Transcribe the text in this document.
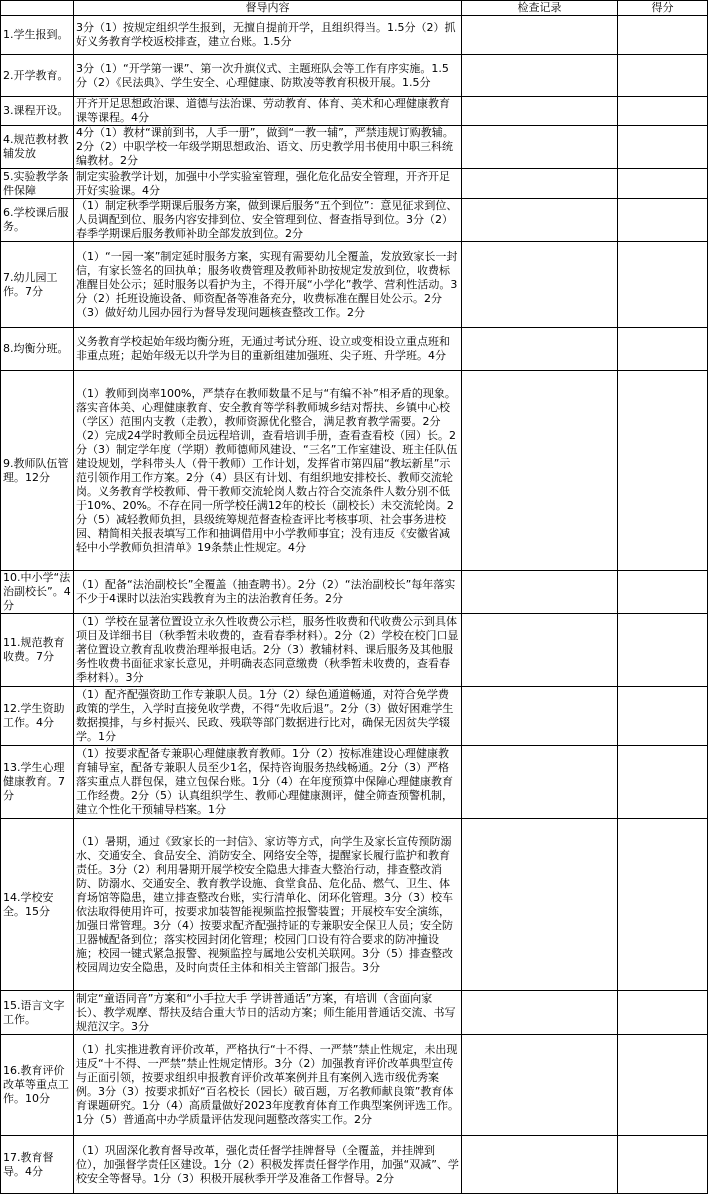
	督导内容	检查记录	得分
1.学生报到。	3分（1）按规定组织学生报到，无擅自提前开学，且组织得当。1.5分（2）抓好义务教育学校返校排查，建立台账。1.5分		
2.开学教育。	3分（1）“开学第一课”、第一次升旗仪式、主题班队会等工作有序实施。1.5分（2）《民法典》、学生安全、心理健康、防欺凌等教育积极开展。1.5分		
3.课程开设。	开齐开足思想政治课、道德与法治课、劳动教育、体育、美术和心理健康教育课等课程。4分		
4.规范教材教辅发放	4分（1）教材“课前到书，人手一册”，做到“一教一辅”，严禁违规订购教辅。2分（2）中职学校一年级学期思想政治、语文、历史教学用书使用中职三科统编教材。2分		
5.实验教学条件保障	制定实验教学计划，加强中小学实验室管理，强化危化品安全管理，开齐开足开好实验课。4分		
6.学校课后服务。	（1）制定秋季学期课后服务方案，做到课后服务“五个到位”：意见征求到位、人员调配到位、服务内容安排到位、安全管理到位、督查指导到位。3分（2）春季学期课后服务教师补助全部发放到位。2分		
7.幼儿园工作。7分	（1）“一园一案”制定延时服务方案，实现有需要幼儿全覆盖，发放致家长一封信，有家长签名的回执单；服务收费管理及教师补助按规定发放到位，收费标准醒目处公示；延时服务以看护为主，不得开展“小学化”教学、营利性活动。3分（2）托班设施设备、师资配备等准备充分，收费标准在醒目处公示。2分（3）做好幼儿园办园行为督导发现问题核查整改工作。2分		
8.均衡分班。	义务教育学校起始年级均衡分班，无通过考试分班、设立或变相设立重点班和非重点班；起始年级无以升学为目的重新组建加强班、尖子班、升学班。4分		
9.教师队伍管理。12分	（1）教师到岗率100%，严禁存在教师数量不足与“有编不补”相矛盾的现象。落实音体美、心理健康教育、安全教育等学科教师城乡结对帮扶、乡镇中心校（学区）范围内支教（走教），教师资源优化整合，满足教育教学需要。2分（2）完成24学时教师全员远程培训，查看培训手册，查看查看校（园）长。2分（3）制定学年度（学期）教师德师风建设、“三名”工作室建设、班主任队伍建设规划，学科带头人（骨干教师）工作计划，发挥省市第四届“教坛新星”示范引领作用工作方案。2分（4）县区有计划、有组织地安排校长、教师交流轮岗。义务教育学校教师、骨干教师交流轮岗人数占符合交流条件人数分别不低于10%、20%。不存在同一所学校任满12年的校长（副校长）未交流轮岗。2分（5）减轻教师负担，县级统筹规范督查检查评比考核事项、社会事务进校园、精简相关报表填写工作和抽调借用中小学教师事宜；没有违反《安徽省减轻中小学教师负担清单》19条禁止性规定。4分		
10.中小学“法治副校长”。4分	（1）配备“法治副校长”全覆盖（抽查聘书）。2分（2）“法治副校长”每年落实不少于4课时以法治实践教育为主的法治教育任务。2分		
11.规范教育收费。7分	（1）学校在显著位置设立永久性收费公示栏，服务性收费和代收费公示到具体项目及详细书目（秋季暂未收费的，查看春季材料）。2分（2）学校在校门口显著位置设立教育乱收费治理举报电话。2分（3）教辅材料、课后服务及其他服务性收费书面征求家长意见，并明确表态同意缴费（秋季暂未收费的，查看春季材料）。3分		
12.学生资助工作。4分	（1）配齐配强资助工作专兼职人员。1分（2）绿色通道畅通，对符合免学费政策的学生，入学时直接免收学费，不得“先收后退”。2分（3）做好困难学生数据摸排，与乡村振兴、民政、残联等部门数据进行比对，确保无因贫失学辍学。1分		
13.学生心理健康教育。7分	（1）按要求配备专兼职心理健康教育教师。1分（2）按标准建设心理健康教育辅导室，配备专兼职人员至少1名，保持咨询服务热线畅通。2分（3）严格落实重点人群包保，建立包保台账。1分（4）在年度预算中保障心理健康教育工作经费。2分（5）认真组织学生、教师心理健康测评，健全筛查预警机制，建立个性化干预辅导档案。1分		
14.学校安全。15分	（1）暑期，通过《致家长的一封信》、家访等方式，向学生及家长宣传预防溺水、交通安全、食品安全、消防安全、网络安全等，提醒家长履行监护和教育责任。3分（2）利用暑期开展学校安全隐患大排查大整治行动，排查整改消防、防溺水、交通安全、教育教学设施、食堂食品、危化品、燃气、卫生、体育场馆等隐患，建立排查整改台账，实行清单化、闭环化管理。3分（3）校车依法取得使用许可，按要求加装智能视频监控报警装置；开展校车安全演练，加强日常管理。3分（4）按要求配齐配强持证的专兼职安全保卫人员；安全防卫器械配备到位；落实校园封闭化管理；校园门口设有符合要求的防冲撞设施；校园一键式紧急报警、视频监控与属地公安机关联网。3分（5）排查整改校园周边安全隐患，及时向责任主体和相关主管部门报告。3分		
15.语言文字工作。	制定“童语同音”方案和“小手拉大手 学讲普通话”方案，有培训（含面向家长）、教学观摩、帮扶及结合重大节日的活动方案；师生能用普通话交流、书写规范汉字。3分		
16.教育评价改革等重点工作。10分	（1）扎实推进教育评价改革，严格执行“十不得、一严禁”禁止性规定，未出现违反“十不得、一严禁”禁止性规定情形。3分（2）加强教育评价改革典型宣传与正面引领，按要求组织申报教育评价改革案例并且有案例入选市级优秀案例。3分（3）按要求抓好“百名校长（园长）破百题，万名教师献良策”教育体育课题研究。1分（4）高质量做好2023年度教育体育工作典型案例评选工作。1分（5）普通高中办学质量评估发现问题整改落实工作。2分		
17.教育督导。4分	（1）巩固深化教育督导改革，强化责任督学挂牌督导（全覆盖，并挂牌到位），加强督学责任区建设。1分（2）积极发挥责任督学作用，加强“双减”、学校安全等督导。1分（3）积极开展秋季开学及准备工作督导。2分		
